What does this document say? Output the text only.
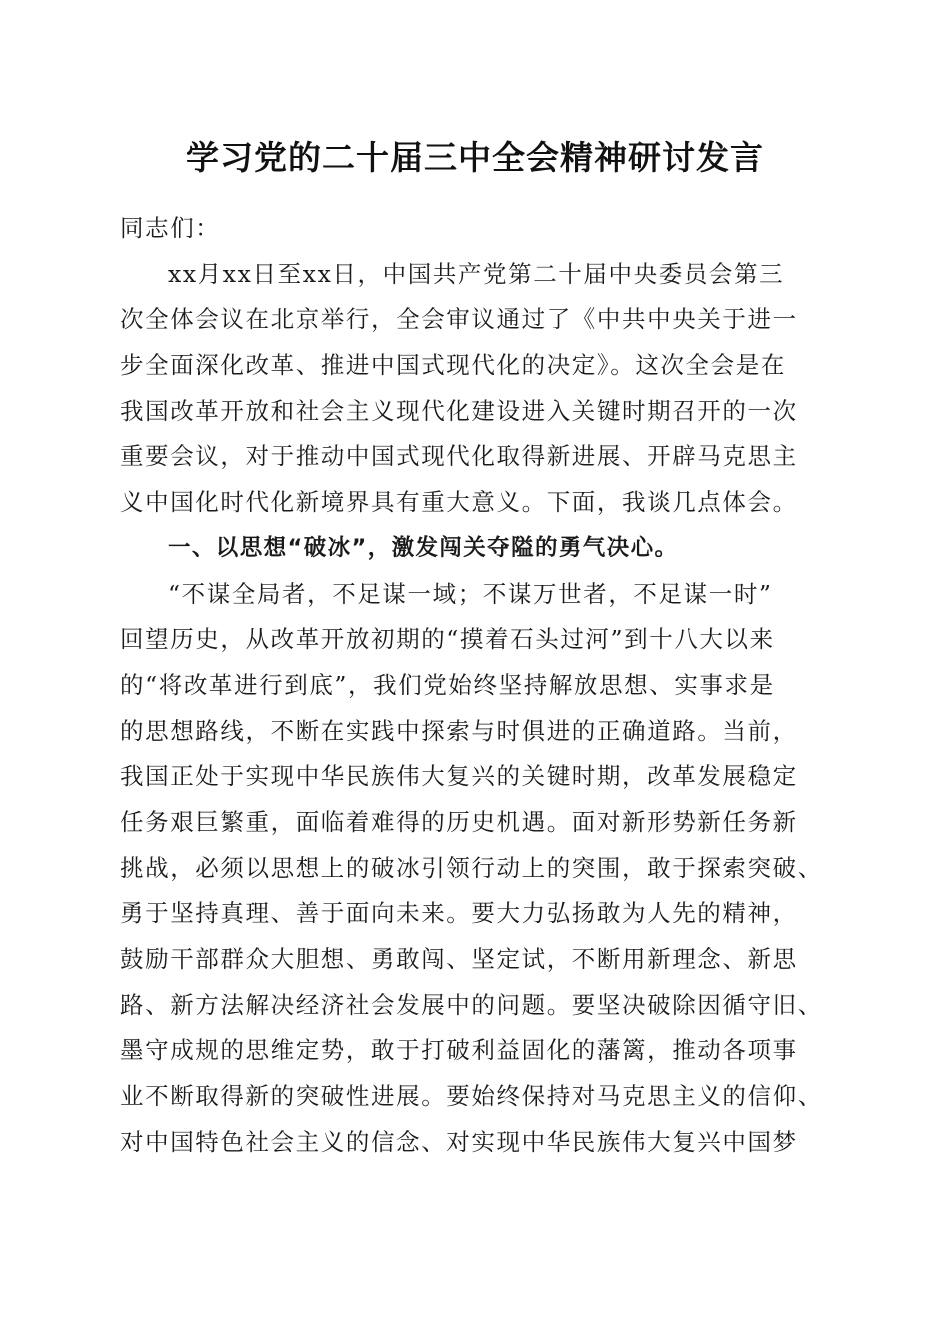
学习党的二十届三中全会精神研讨发言
同志们：
xx月xx日至xx日，中国共产党第二十届中央委员会第三
次全体会议在北京举行，全会审议通过了《中共中央关于进一
步全面深化改革、推进中国式现代化的决定》。这次全会是在
我国改革开放和社会主义现代化建设进入关键时期召开的一次
重要会议，对于推动中国式现代化取得新进展、开辟马克思主
义中国化时代化新境界具有重大意义。下面，我谈几点体会。
一、以思想“破冰”，激发闯关夺隘的勇气决心。
“不谋全局者，不足谋一域；不谋万世者，不足谋一时”
回望历史，从改革开放初期的“摸着石头过河”到十八大以来
的“将改革进行到底”，我们党始终坚持解放思想、实事求是
的思想路线，不断在实践中探索与时俱进的正确道路。当前，
我国正处于实现中华民族伟大复兴的关键时期，改革发展稳定
任务艰巨繁重，面临着难得的历史机遇。面对新形势新任务新
挑战，必须以思想上的破冰引领行动上的突围，敢于探索突破、
勇于坚持真理、善于面向未来。要大力弘扬敢为人先的精神，
鼓励干部群众大胆想、勇敢闯、坚定试，不断用新理念、新思
路、新方法解决经济社会发展中的问题。要坚决破除因循守旧、
墨守成规的思维定势，敢于打破利益固化的藩篱，推动各项事
业不断取得新的突破性进展。要始终保持对马克思主义的信仰、
对中国特色社会主义的信念、对实现中华民族伟大复兴中国梦
